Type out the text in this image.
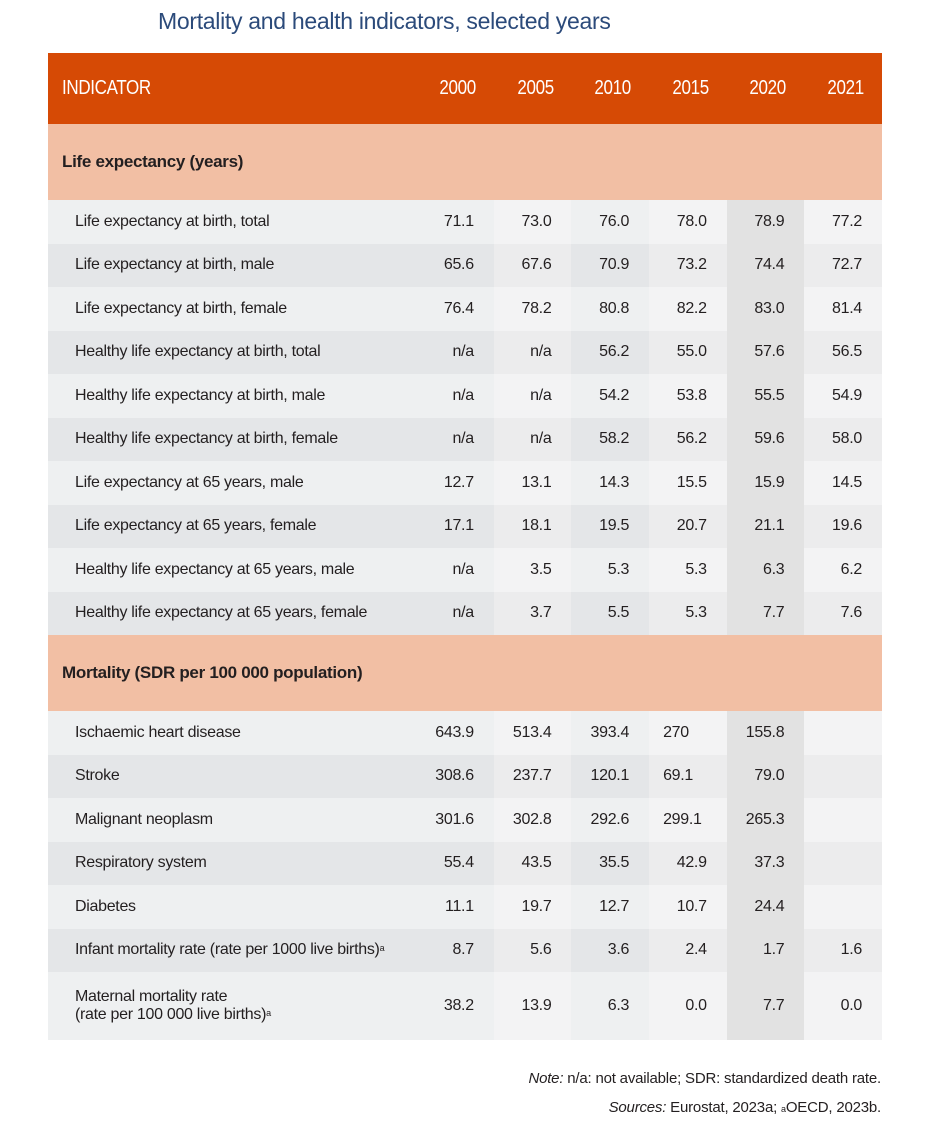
Mortality and health indicators, selected years
INDICATOR	2000	2005	2010	2015	2020	2021
Life expectancy (years)						
Life expectancy at birth, total	71.1	73.0	76.0	78.0	78.9	77.2
Life expectancy at birth, male	65.6	67.6	70.9	73.2	74.4	72.7
Life expectancy at birth, female	76.4	78.2	80.8	82.2	83.0	81.4
Healthy life expectancy at birth, total	n/a	n/a	56.2	55.0	57.6	56.5
Healthy life expectancy at birth, male	n/a	n/a	54.2	53.8	55.5	54.9
Healthy life expectancy at birth, female	n/a	n/a	58.2	56.2	59.6	58.0
Life expectancy at 65 years, male	12.7	13.1	14.3	15.5	15.9	14.5
Life expectancy at 65 years, female	17.1	18.1	19.5	20.7	21.1	19.6
Healthy life expectancy at 65 years, male	n/a	3.5	5.3	5.3	6.3	6.2
Healthy life expectancy at 65 years, female	n/a	3.7	5.5	5.3	7.7	7.6
Mortality (SDR per 100 000 population)						
Ischaemic heart disease	643.9	513.4	393.4	270	155.8	
Stroke	308.6	237.7	120.1	69.1	79.0	
Malignant neoplasm	301.6	302.8	292.6	299.1	265.3	
Respiratory system	55.4	43.5	35.5	42.9	37.3	
Diabetes	11.1	19.7	12.7	10.7	24.4	
Infant mortality rate (rate per 1000 live births)$^a$	8.7	5.6	3.6	2.4	1.7	1.6
Maternal mortality rate
(rate per 100 000 live births)$^a$	38.2	13.9	6.3	0.0	7.7	0.0
Note: n/a: not available; SDR: standardized death rate.
Sources: Eurostat, 2023a; $^a$OECD, 2023b.
